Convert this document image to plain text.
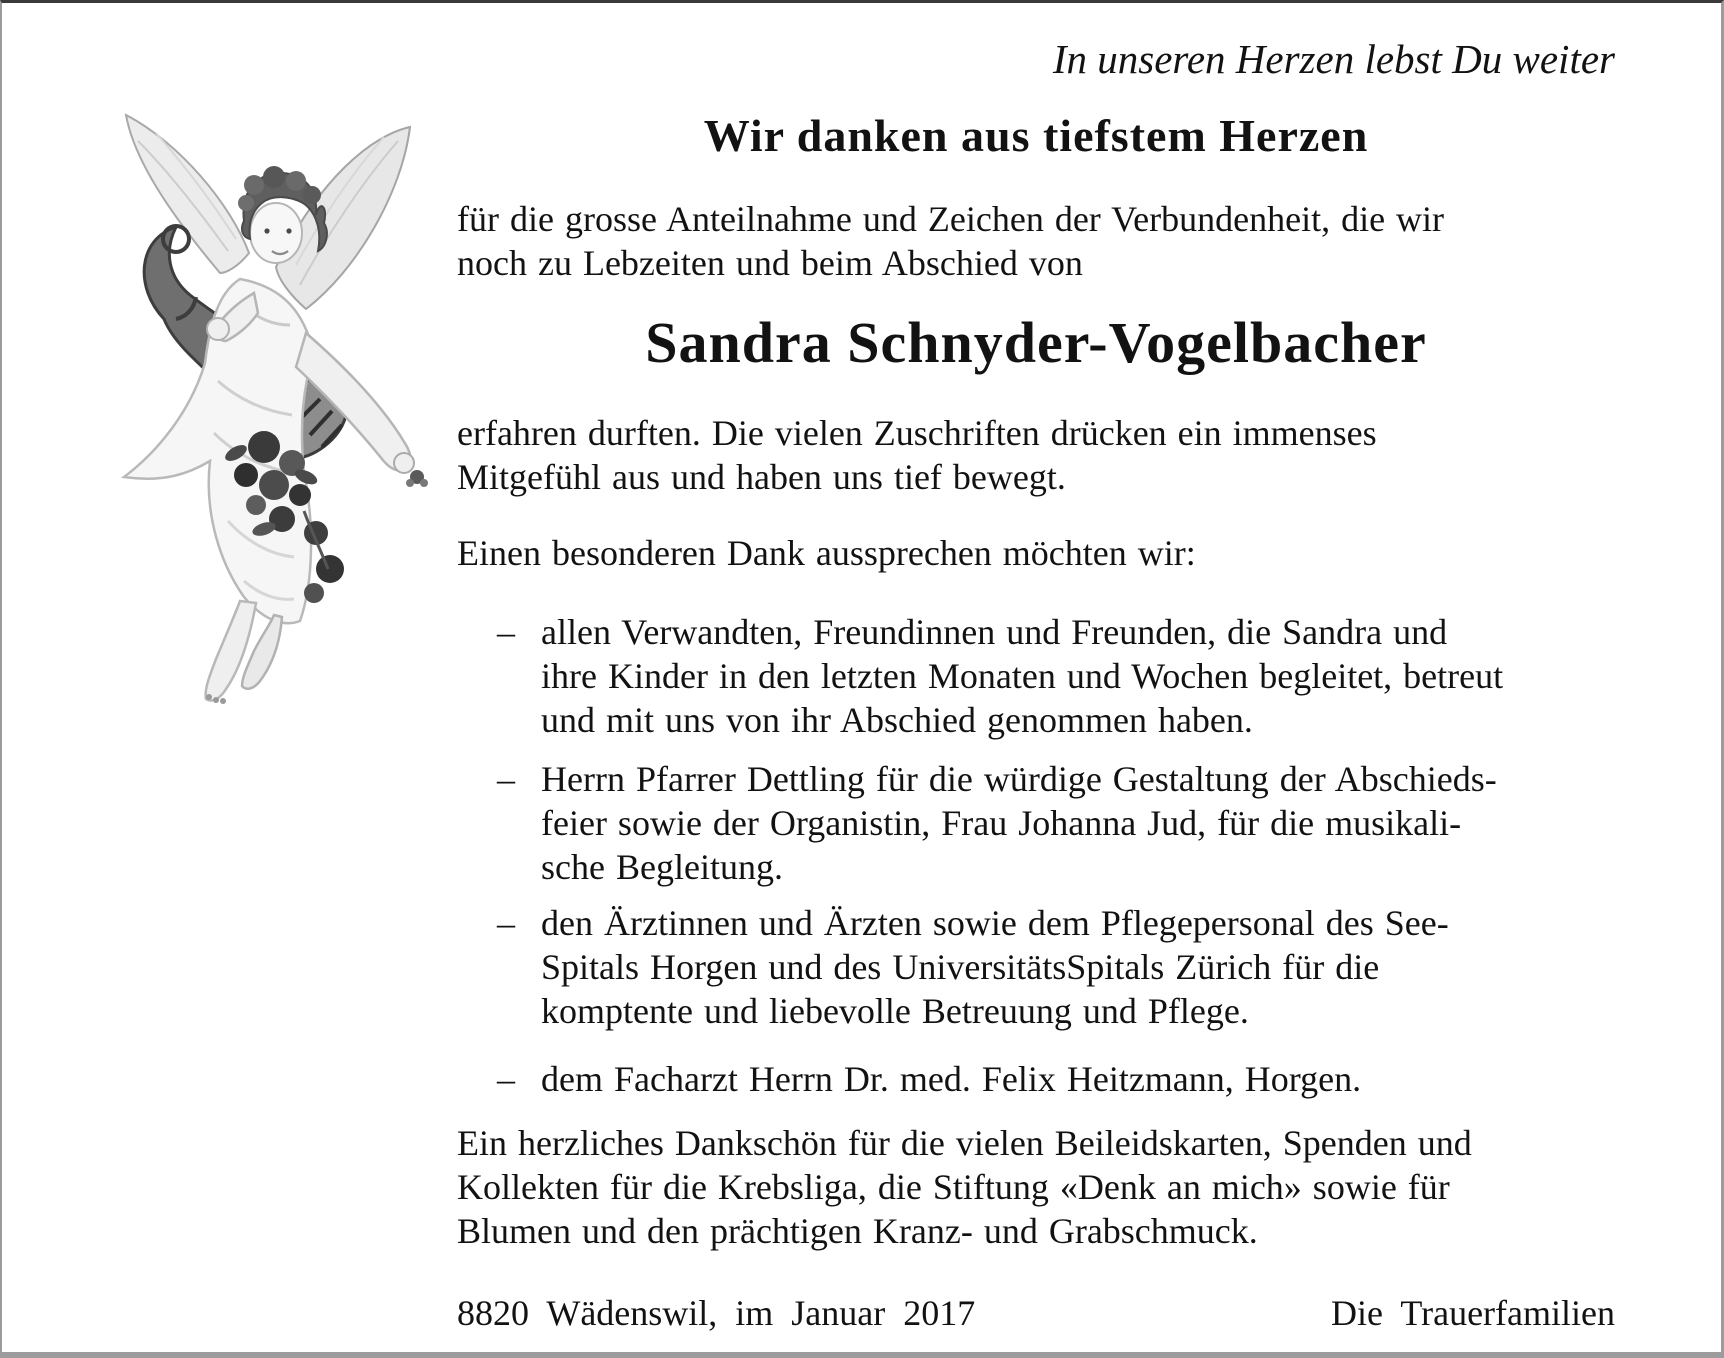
In unseren Herzen lebst Du weiter
Wir danken aus tiefstem Herzen
für die grosse Anteilnahme und Zeichen der Verbundenheit, die wir
noch zu Lebzeiten und beim Abschied von
Sandra Schnyder-Vogelbacher
erfahren durften. Die vielen Zuschriften drücken ein immenses
Mitgefühl aus und haben uns tief bewegt.
Einen besonderen Dank aussprechen möchten wir:
– allen Verwandten, Freundinnen und Freunden, die Sandra und
ihre Kinder in den letzten Monaten und Wochen begleitet, betreut
und mit uns von ihr Abschied genommen haben.
– Herrn Pfarrer Dettling für die würdige Gestaltung der Abschieds-
feier sowie der Organistin, Frau Johanna Jud, für die musikali-
sche Begleitung.
– den Ärztinnen und Ärzten sowie dem Pflegepersonal des See-
Spitals Horgen und des UniversitätsSpitals Zürich für die
komptente und liebevolle Betreuung und Pflege.
– dem Facharzt Herrn Dr. med. Felix Heitzmann, Horgen.
Ein herzliches Dankschön für die vielen Beileidskarten, Spenden und
Kollekten für die Krebsliga, die Stiftung «Denk an mich» sowie für
Blumen und den prächtigen Kranz- und Grabschmuck.
8820 Wädenswil, im Januar 2017	Die Trauerfamilien
